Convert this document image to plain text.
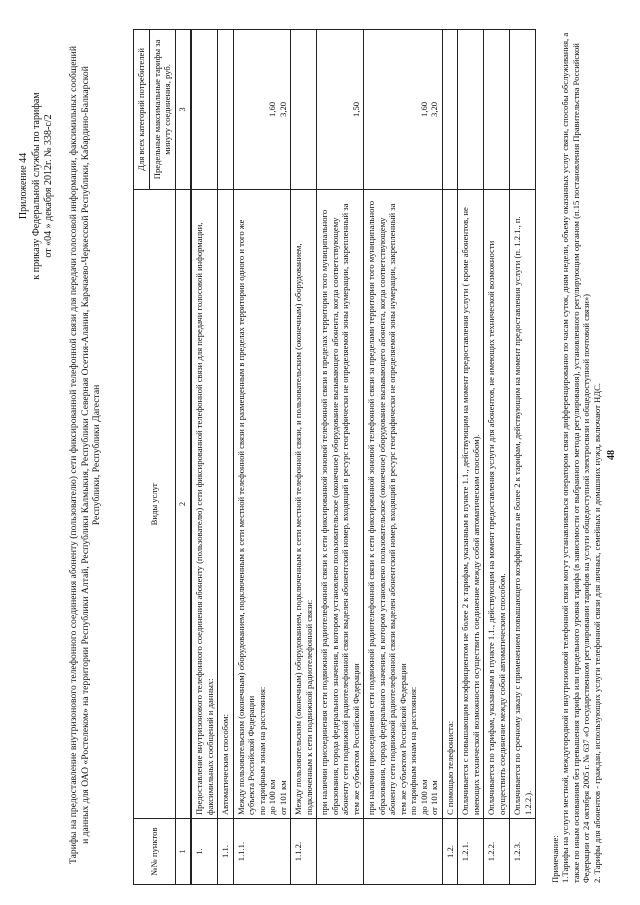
Приложение 44 к приказу Федеральной службы по тарифам от «04 » декабря 2012г. № 338-с/2 Тарифы на предоставление внутризонового телефонного соединения абоненту (пользователю) сети фиксированной телефонной связи для передачи голосовой информации, факсимильных сообщений и данных для ОАО «Ростелеком» на территории Республики Алтай, Республики Калмыкия, Республики Северная Осетия-Алания, Карачаево-Черкесской Республики, Кабардино-Балкарской Республики, Республики Дагестан
№№ пунктов	Виды услуг	Для всех категорий потребителей
		Предельные максимальные тарифы за минуту соединения, руб.
1	2	3
1.	Предоставление внутризонового телефонного соединения абоненту (пользователю) сети фиксированной телефонной связи для передачи голосовой информации, факсимильных сообщений и данных:	
1.1.	Автоматическим способом:	
1.1.1.	Между пользовательским (оконечным) оборудованием, подключенным к сети местной телефонной связи и размещенным в пределах территории одного и того же субъекта Российской Федерации по тарифным зонам на расстояния: до 100 км от 101 км	1,60 3,20

1.1.2.	Между пользовательским (оконечным) оборудованием, подключенным к сети местной телефонной связи, и пользовательским (оконечным) оборудованием, подключенным к сети подвижной радиотелефонной связи:	
	при наличии присоединения сети подвижной радиотелефонной связи к сети фиксированной зоновой телефонной связи в пределах территории того муниципального образования, города федерального значения, в котором установлено пользовательское (оконечное) оборудование вызывающего абонента, когда соответствующему абоненту сети подвижной радиотелефонной связи выделен абонентский номер, входящий в ресурс географически не определяемой зоны нумерации, закрепленный за тем же субъектом Российской Федерации	1,50

	при наличии присоединения сети подвижной радиотелефонной связи к сети фиксированной зоновой телефонной связи за пределами территории того муниципального образования, города федерального значения, в котором установлено пользовательское (оконечное) оборудование вызывающего абонента, когда соответствующему абоненту сети подвижной радиотелефонной связи выделен абонентский номер, входящий в ресурс географически не определяемой зоны нумерации, закрепленный за тем же субъектом Российской Федерации по тарифным зонам на расстояния: до 100 км от 101 км	1,60 3,20

1.2.	С помощью телефониста:	
1.2.1.	Оплачивается с повышающим коэффициентом не более 2 к тарифам, указанным в пункте 1.1., действующим на момент предоставления услуги ( кроме абонентов, не имеющих технической возможности осуществить соединение между собой автоматическим способом).	
1.2.2.	Оплачивается по тарифам, указанным в пункте 1.1., действующим на момент предоставления услуги для абонентов, не имеющих технической возможности осуществить соединение между собой автоматическим способом.	
1.2.3.	Оплачивается по срочному заказу с применением повышающего коэффициента не более 2 к тарифам, действующим на момент предоставления услуги (п. 1.2.1., п. 1.2.2.).	

Примечание: 1.Тарифы на услуги местной, междугородной и внутризоновой телефонной связи могут устанавливаться оператором связи дифференцированно по часам суток, дням недели, объему оказанных услуг связи, способы обслуживания, а также по иным основаниям без превышения тарифа или предельного уровня тарифа (в зависимости от выбранного метода регулирования), установленного регулирующим органом (п.15 постановления Правительства Российской Федерации от 24 октября 2005 г. № 637 «О государственном регулировании тарифов на услуги общедоступной электросвязи и общедоступной почтовой связи») 2. Тарифы для абонентов - граждан, использующих услуги телефонной связи для личных, семейных и домашних нужд, включают НДС. 48
